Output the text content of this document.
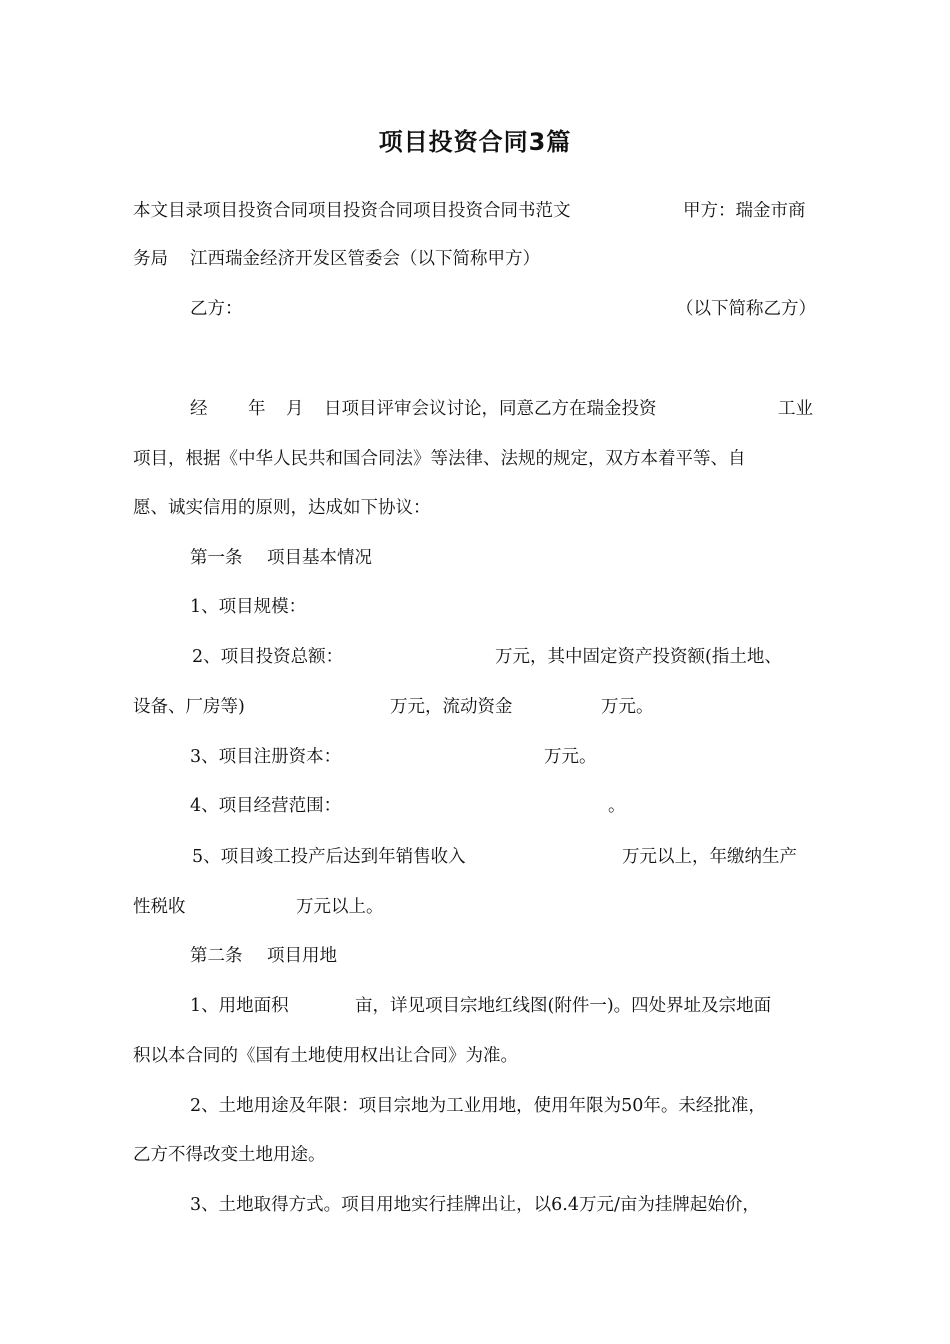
项目投资合同3篇

本文目录项目投资合同项目投资合同项目投资合同书范文

	甲方：瑞金市商

务局

江西瑞金经济开发区管委会（以下简称甲方）

乙方：

	（以下简称乙方）

经

年

月

日项目评审会议讨论，同意乙方在瑞金投资

	工业

项目，根据《中华人民共和国合同法》等法律、法规的规定，双方本着平等、自

愿、诚实信用的原则，达成如下协议：

第一条

项目基本情况

1、项目规模：

2、项目投资总额：

	万元，其中固定资产投资额(指土地、

设备、厂房等)

	万元，流动资金

	万元。

3、项目注册资本：

	万元。

4、项目经营范围：

	。

5、项目竣工投产后达到年销售收入

	万元以上，年缴纳生产

性税收

	万元以上。

第二条

项目用地

1、用地面积

	亩，详见项目宗地红线图(附件一)。四处界址及宗地面

积以本合同的《国有土地使用权出让合同》为准。

2、土地用途及年限：项目宗地为工业用地，使用年限为50年。未经批准，

乙方不得改变土地用途。

3、土地取得方式。项目用地实行挂牌出让，以6.4万元/亩为挂牌起始价，
